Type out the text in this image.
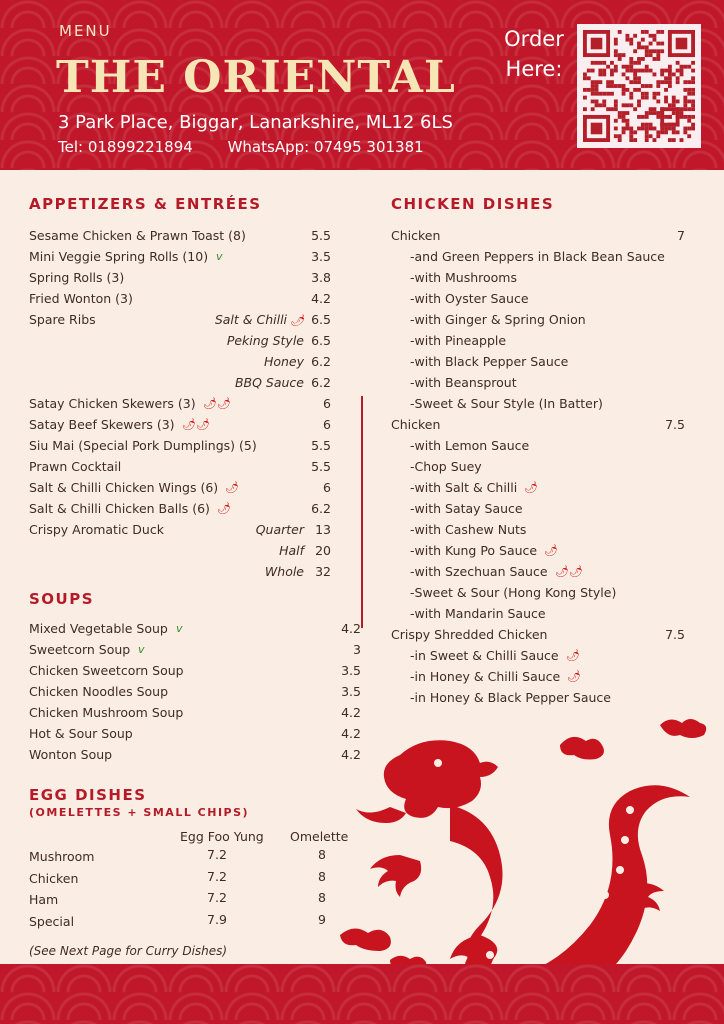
MENU
THE ORIENTAL
3 Park Place, Biggar, Lanarkshire, ML12 6LS
Tel: 01899221894 WhatsApp: 07495 301381
Order
Here:
APPETIZERS & ENTRÉES
SOUPS
EGG DISHES
(OMELETTES + SMALL CHIPS)
Egg Foo Yung Omelette
(See Next Page for Curry Dishes)
CHICKEN DISHES
Sesame Chicken & Prawn Toast (8)	5.5
Mini Veggie Spring Rolls (10) v	3.5
Spring Rolls (3)	3.8
Fried Wonton (3)	4.2
Spare Ribs	Salt & Chilli 🌶 6.5
Peking Style 6.5
Honey 6.2
BBQ Sauce 6.2
Satay Chicken Skewers (3) 🌶🌶	6
Satay Beef Skewers (3) 🌶🌶	6
Siu Mai (Special Pork Dumplings) (5)	5.5
Prawn Cocktail	5.5
Salt & Chilli Chicken Wings (6) 🌶	6
Salt & Chilli Chicken Balls (6) 🌶	6.2
Crispy Aromatic Duck	Quarter 13
Half 20
Whole 32
Mixed Vegetable Soup v	4.2
Sweetcorn Soup v	3
Chicken Sweetcorn Soup	3.5
Chicken Noodles Soup	3.5
Chicken Mushroom Soup	4.2
Hot & Sour Soup	4.2
Wonton Soup	4.2
Mushroom	7.2	8
Chicken	7.2	8
Ham	7.2	8
Special	7.9	9
Chicken	7
-and Green Peppers in Black Bean Sauce
-with Mushrooms
-with Oyster Sauce
-with Ginger & Spring Onion
-with Pineapple
-with Black Pepper Sauce
-with Beansprout
-Sweet & Sour Style (In Batter)
Chicken	7.5
-with Lemon Sauce
-Chop Suey
-with Salt & Chilli 🌶
-with Satay Sauce
-with Cashew Nuts
-with Kung Po Sauce 🌶
-with Szechuan Sauce 🌶🌶
-Sweet & Sour (Hong Kong Style)
-with Mandarin Sauce
Crispy Shredded Chicken	7.5
-in Sweet & Chilli Sauce 🌶
-in Honey & Chilli Sauce 🌶
-in Honey & Black Pepper Sauce
